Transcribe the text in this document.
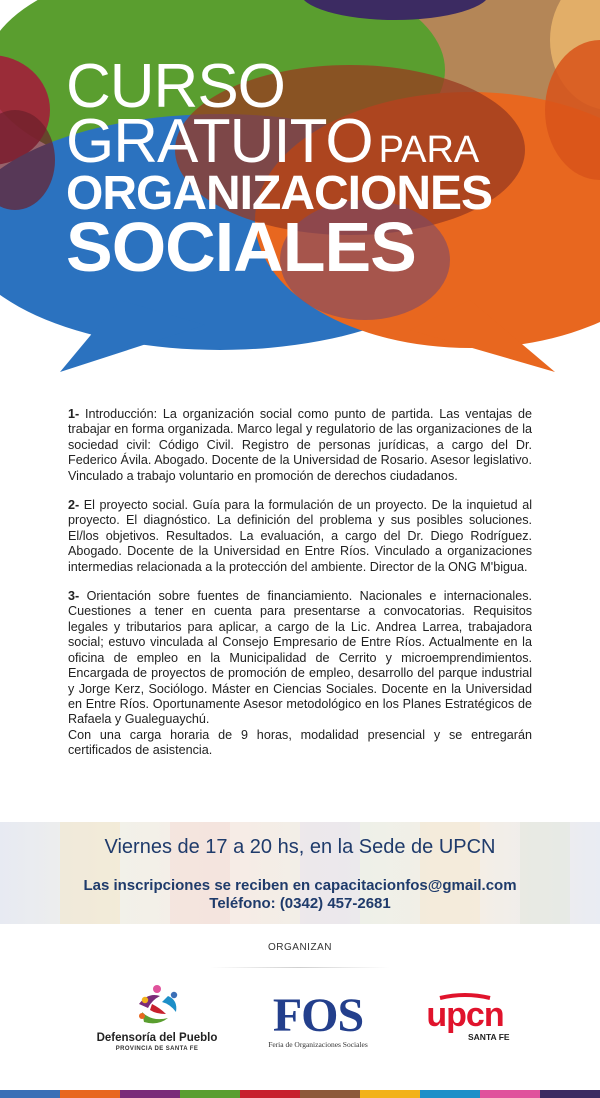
CURSO
GRATUITO PARA
ORGANIZACIONES
SOCIALES

1- Introducción: La organización social como punto de partida. Las ventajas de trabajar en forma organizada. Marco legal y regulatorio de las organizaciones de la sociedad civil: Código Civil. Registro de personas jurídicas, a cargo del Dr. Federico Ávila. Abogado. Docente de la Universidad de Rosario. Asesor legislativo. Vinculado a trabajo voluntario en promoción de derechos ciudadanos.

2- El proyecto social. Guía para la formulación de un proyecto. De la inquietud al proyecto. El diagnóstico. La definición del problema y sus posibles soluciones. El/los objetivos. Resultados. La evaluación, a cargo del Dr. Diego Rodríguez. Abogado. Docente de la Universidad en Entre Ríos. Vinculado a organizaciones intermedias relacionada a la protección del ambiente. Director de la ONG M'bigua.

3- Orientación sobre fuentes de financiamiento. Nacionales e internacionales. Cuestiones a tener en cuenta para presentarse a convocatorias. Requisitos legales y tributarios para aplicar, a cargo de la Lic. Andrea Larrea, trabajadora social; estuvo vinculada al Consejo Empresario de Entre Ríos. Actualmente en la oficina de empleo en la Municipalidad de Cerrito y microemprendimientos. Encargada de proyectos de promoción de empleo, desarrollo del parque industrial y Jorge Kerz, Sociólogo. Máster en Ciencias Sociales. Docente en la Universidad en Entre Ríos. Oportunamente Asesor metodológico en los Planes Estratégicos de Rafaela y Gualeguaychú.

Con una carga horaria de 9 horas, modalidad presencial y se entregarán certificados de asistencia.

Viernes de 17 a 20 hs, en la Sede de UPCN
Las inscripciones se reciben en capacitacionfos@gmail.com
Teléfono: (0342) 457-2681
ORGANIZAN
Defensoría del Pueblo
PROVINCIA DE SANTA FE
FOS
Feria de Organizaciones Sociales
upcn
SANTA FE
